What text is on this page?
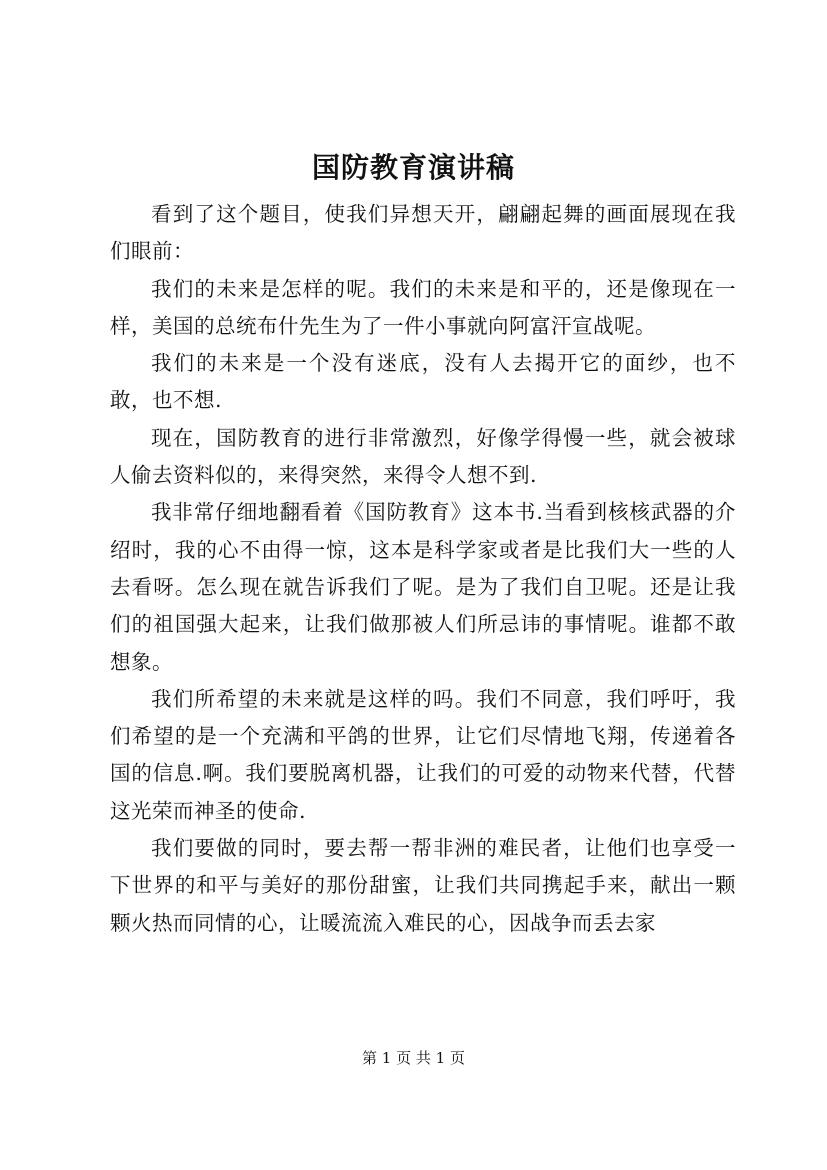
国防教育演讲稿

看到了这个题目，使我们异想天开，翩翩起舞的画面展现在我们眼前：

我们的未来是怎样的呢。我们的未来是和平的，还是像现在一样，美国的总统布什先生为了一件小事就向阿富汗宣战呢。

我们的未来是一个没有迷底，没有人去揭开它的面纱，也不敢，也不想.

现在，国防教育的进行非常激烈，好像学得慢一些，就会被球人偷去资料似的，来得突然，来得令人想不到.

我非常仔细地翻看着《国防教育》这本书.当看到核核武器的介绍时，我的心不由得一惊，这本是科学家或者是比我们大一些的人去看呀。怎么现在就告诉我们了呢。是为了我们自卫呢。还是让我们的祖国强大起来，让我们做那被人们所忌讳的事情呢。谁都不敢想象。

我们所希望的未来就是这样的吗。我们不同意，我们呼吁，我们希望的是一个充满和平鸽的世界，让它们尽情地飞翔，传递着各国的信息.啊。我们要脱离机器，让我们的可爱的动物来代替，代替这光荣而神圣的使命.

我们要做的同时，要去帮一帮非洲的难民者，让他们也享受一下世界的和平与美好的那份甜蜜，让我们共同携起手来，献出一颗颗火热而同情的心，让暖流流入难民的心，因战争而丢去家

第 1 页 共 1 页
